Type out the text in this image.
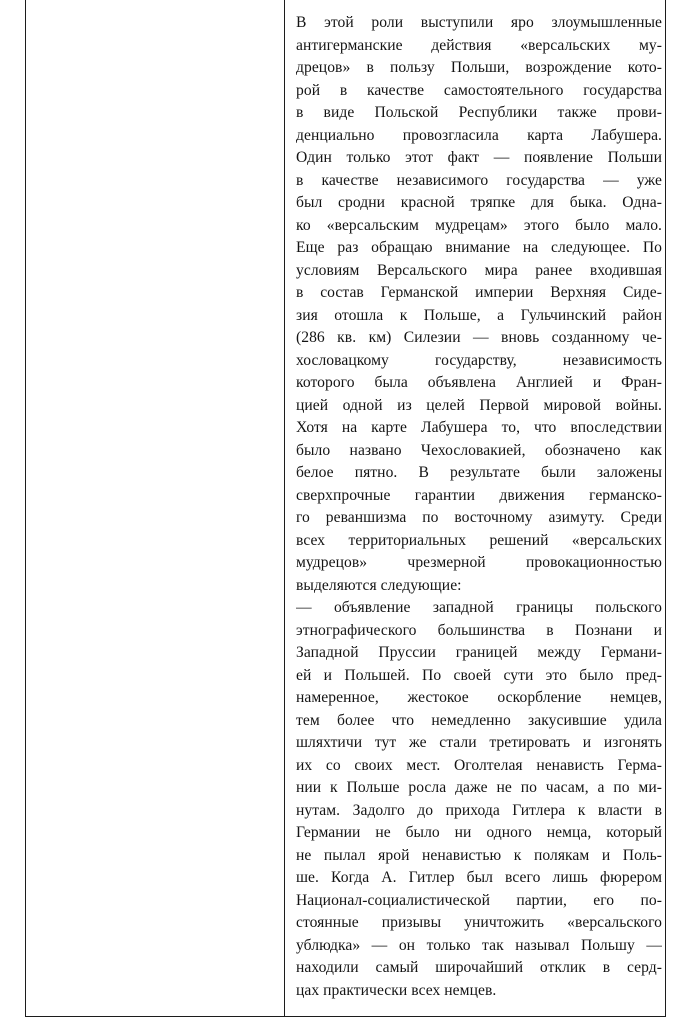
В этой роли выступили яро злоумышленные
антигерманские действия «версальских му-
дрецов» в пользу Польши, возрождение кото-
рой в качестве самостоятельного государства
в виде Польской Республики также прови-
денциально провозгласила карта Лабушера.
Один только этот факт — появление Польши
в качестве независимого государства — уже
был сродни красной тряпке для быка. Одна-
ко «версальским мудрецам» этого было мало.
Еще раз обращаю внимание на следующее. По
условиям Версальского мира ранее входившая
в состав Германской империи Верхняя Сиде-
зия отошла к Польше, а Гульчинский район
(286 кв. км) Силезии — вновь созданному че-
хословацкому государству, независимость
которого была объявлена Англией и Фран-
цией одной из целей Первой мировой войны.
Хотя на карте Лабушера то, что впоследствии
было названо Чехословакией, обозначено как
белое пятно. В результате были заложены
сверхпрочные гарантии движения германско-
го реваншизма по восточному азимуту. Среди
всех территориальных решений «версальских
мудрецов» чрезмерной провокационностью
выделяются следующие:
— объявление западной границы польского
этнографического большинства в Познани и
Западной Пруссии границей между Германи-
ей и Польшей. По своей сути это было пред-
намеренное, жестокое оскорбление немцев,
тем более что немедленно закусившие удила
шляхтичи тут же стали третировать и изгонять
их со своих мест. Оголтелая ненависть Герма-
нии к Польше росла даже не по часам, а по ми-
нутам. Задолго до прихода Гитлера к власти в
Германии не было ни одного немца, который
не пылал ярой ненавистью к полякам и Поль-
ше. Когда А. Гитлер был всего лишь фюрером
Национал-социалистической партии, его по-
стоянные призывы уничтожить «версальского
ублюдка» — он только так называл Польшу —
находили самый широчайший отклик в серд-
цах практически всех немцев.
